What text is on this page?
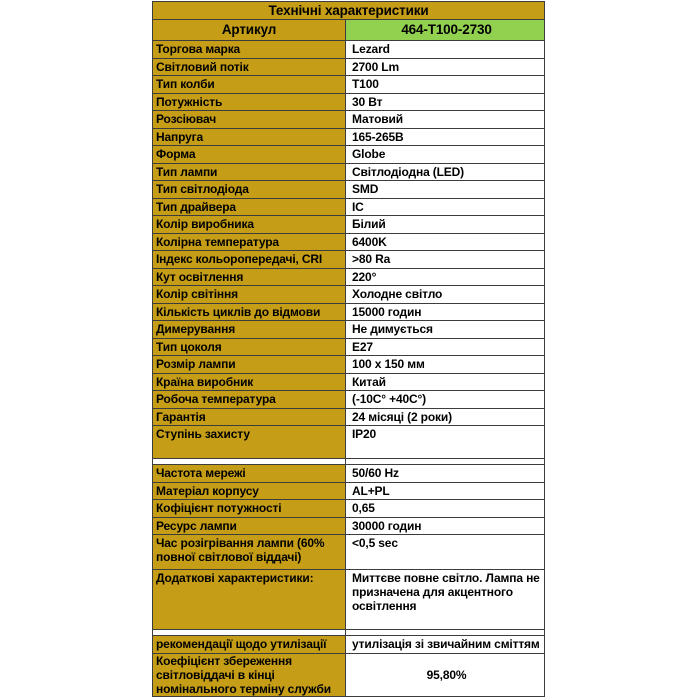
Технічні характеристики	
Артикул	464-T100-2730
Торгова марка	Lezard
Світловий потік	2700 Lm
Тип колби	T100
Потужність	30 Вт
Розсіювач	Матовий
Напруга	165-265В
Форма	Globe
Тип лампи	Світлодіодна (LED)
Тип світлодіода	SMD
Тип драйвера	IC
Колір виробника	Білий
Колірна температура	6400K
Індекс кольоропередачі, CRI	>80 Ra
Кут освітлення	220°
Колір світіння	Холодне світло
Кількість циклів до відмови	15000 годин
Димерування	Не димується
Тип цоколя	E27
Розмір лампи	100 x 150 мм
Країна виробник	Китай
Робоча температура	(-10C° +40C°)
Гарантія	24 місяці (2 роки)
Ступінь захисту	IP20

Частота мережі	50/60 Hz
Матеріал корпусу	AL+PL
Кофіцієнт потужності	0,65
Ресурс лампи	30000 годин
Час розігрівання лампи (60% повної світлової віддачі)	<0,5 sec
Додаткові характеристики:	Миттєве повне світло. Лампа не призначена для акцентного освітлення

рекомендації щодо утилізації	утилізація зі звичайним сміттям
Коефіцієнт збереження світловіддачі в кінці номінального терміну служби	95,80%
